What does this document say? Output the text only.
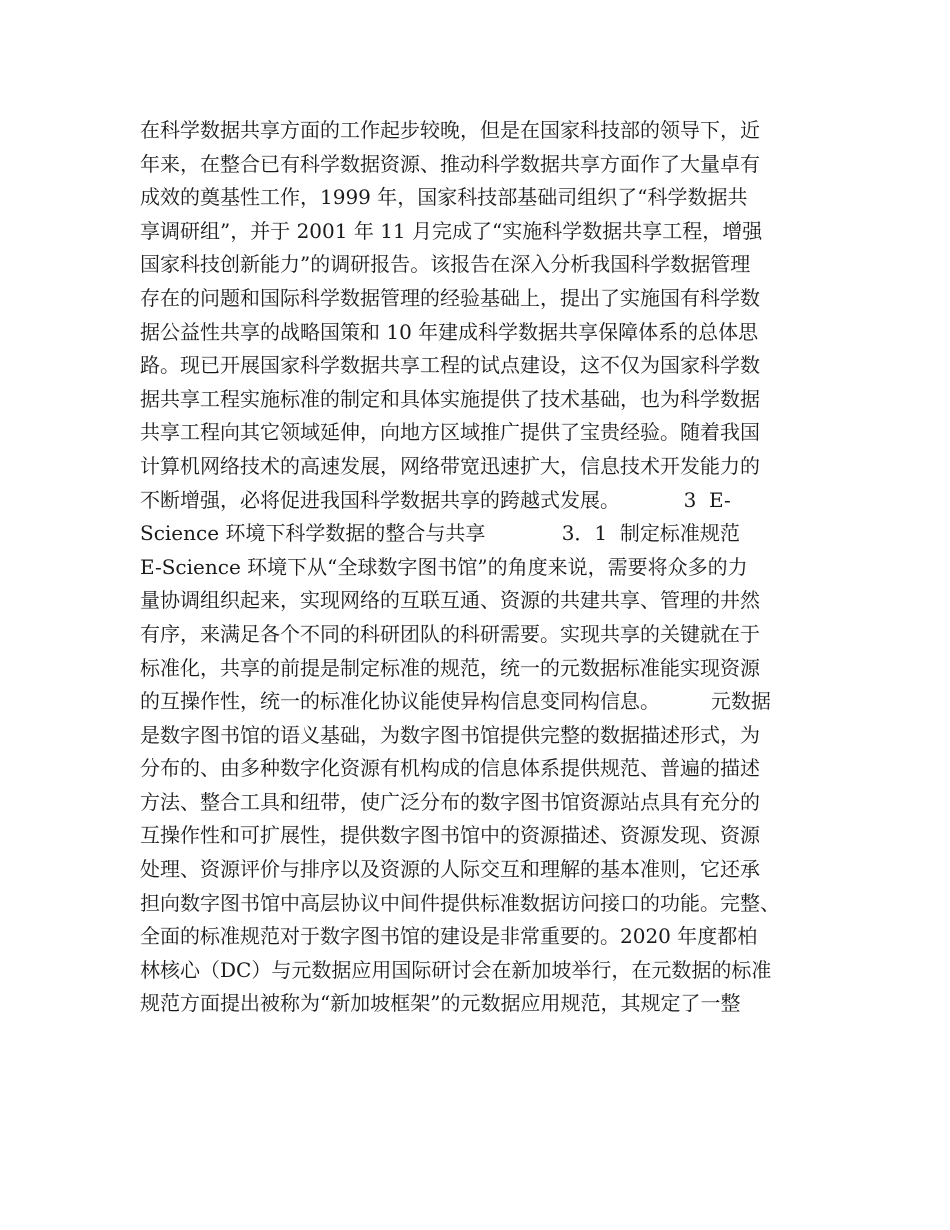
在科学数据共享方面的工作起步较晚，但是在国家科技部的领导下，近
年来，在整合已有科学数据资源、推动科学数据共享方面作了大量卓有
成效的奠基性工作，1999 年，国家科技部基础司组织了“科学数据共
享调研组”，并于 2001 年 11 月完成了“实施科学数据共享工程，增强
国家科技创新能力”的调研报告。该报告在深入分析我国科学数据管理
存在的问题和国际科学数据管理的经验基础上，提出了实施国有科学数
据公益性共享的战略国策和 10 年建成科学数据共享保障体系的总体思
路。现已开展国家科学数据共享工程的试点建设，这不仅为国家科学数
据共享工程实施标准的制定和具体实施提供了技术基础，也为科学数据
共享工程向其它领域延伸，向地方区域推广提供了宝贵经验。随着我国
计算机网络技术的高速发展，网络带宽迅速扩大，信息技术开发能力的
不断增强，必将促进我国科学数据共享的跨越式发展。          3  E-
Science 环境下科学数据的整合与共享            3．1  制定标准规范
E-Science 环境下从“全球数字图书馆”的角度来说，需要将众多的力
量协调组织起来，实现网络的互联互通、资源的共建共享、管理的井然
有序，来满足各个不同的科研团队的科研需要。实现共享的关键就在于
标准化，共享的前提是制定标准的规范，统一的元数据标准能实现资源
的互操作性，统一的标准化协议能使异构信息变同构信息。        元数据
是数字图书馆的语义基础，为数字图书馆提供完整的数据描述形式，为
分布的、由多种数字化资源有机构成的信息体系提供规范、普遍的描述
方法、整合工具和纽带，使广泛分布的数字图书馆资源站点具有充分的
互操作性和可扩展性，提供数字图书馆中的资源描述、资源发现、资源
处理、资源评价与排序以及资源的人际交互和理解的基本准则，它还承
担向数字图书馆中高层协议中间件提供标准数据访问接口的功能。完整、
全面的标准规范对于数字图书馆的建设是非常重要的。2020 年度都柏
林核心（DC）与元数据应用国际研讨会在新加坡举行，在元数据的标准
规范方面提出被称为“新加坡框架”的元数据应用规范，其规定了一整
